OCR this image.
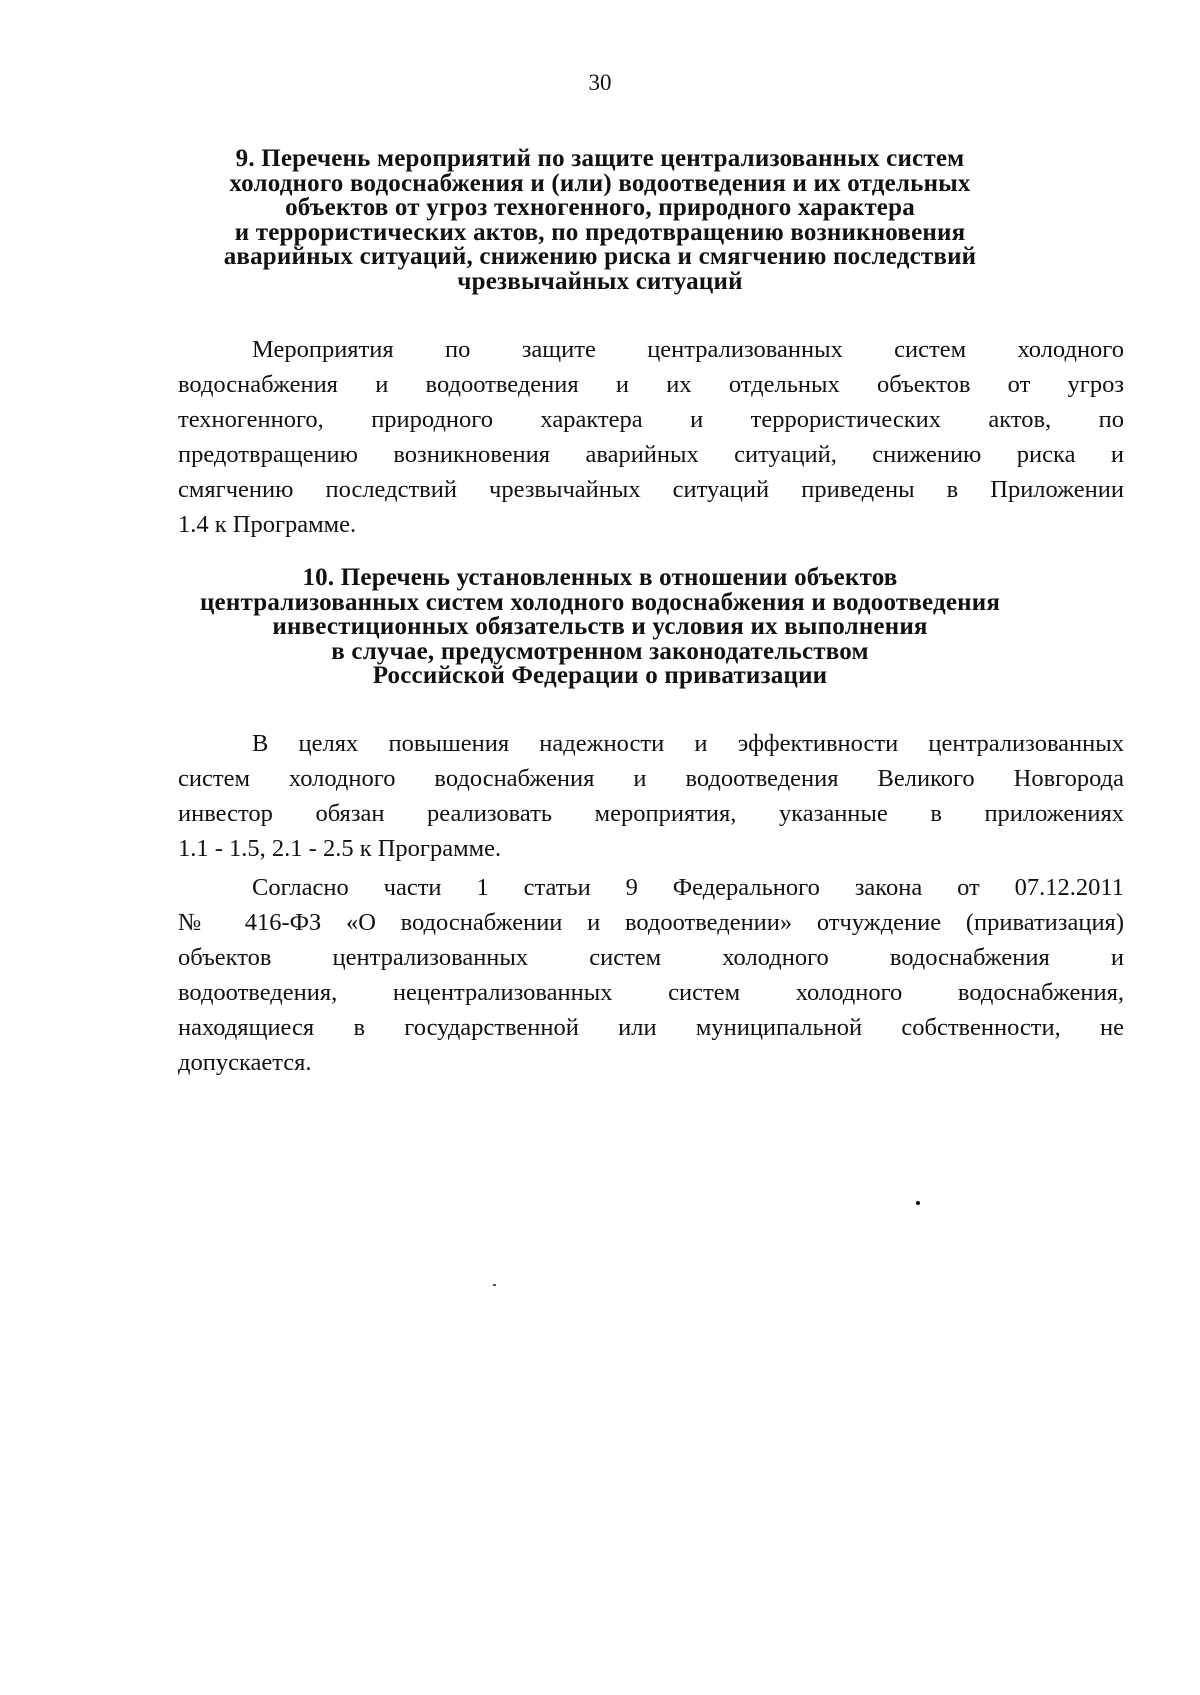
30
9. Перечень мероприятий по защите централизованных систем
холодного водоснабжения и (или) водоотведения и их отдельных
объектов от угроз техногенного, природного характера
и террористических актов, по предотвращению возникновения
аварийных ситуаций, снижению риска и смягчению последствий
чрезвычайных ситуаций
Мероприятия по защите централизованных систем холодного
водоснабжения и водоотведения и их отдельных объектов от угроз
техногенного, природного характера и террористических актов, по
предотвращению возникновения аварийных ситуаций, снижению риска и
смягчению последствий чрезвычайных ситуаций приведены в Приложении
1.4 к Программе.
10. Перечень установленных в отношении объектов
централизованных систем холодного водоснабжения и водоотведения
инвестиционных обязательств и условия их выполнения
в случае, предусмотренном законодательством
Российской Федерации о приватизации
В целях повышения надежности и эффективности централизованных
систем холодного водоснабжения и водоотведения Великого Новгорода
инвестор обязан реализовать мероприятия, указанные в приложениях
1.1 - 1.5, 2.1 - 2.5 к Программе.
Согласно части 1 статьи 9 Федерального закона от 07.12.2011
№ 416-ФЗ «О водоснабжении и водоотведении» отчуждение (приватизация)
объектов централизованных систем холодного водоснабжения и
водоотведения, нецентрализованных систем холодного водоснабжения,
находящиеся в государственной или муниципальной собственности, не
допускается.
